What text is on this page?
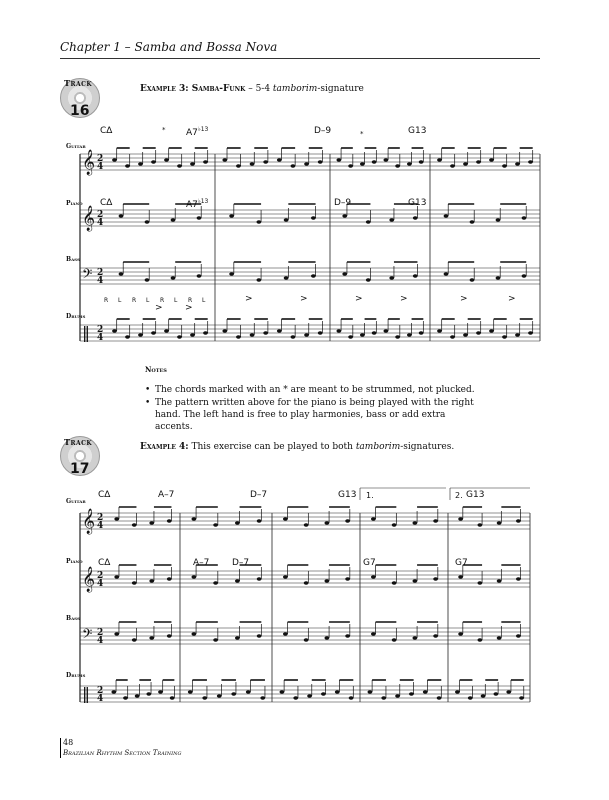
Chapter 1 – Samba and Bossa Nova
Track
16
Example 3: Samba-Funk – 5-4 tamborim-signature
Guitar
Piano
Bass
Drums
C∆	$A7^{♭13}$	D–9	G13
*	*
C∆	$A7^{♭13}$	D–9	G13
R L R L R L R L
> >
>	>	>	>	>	>
𝄞 2
4
𝄞 2
4
𝄢 2
4
‖ 2
4
𝄞 2
4
𝄞 2
4
𝄢 2
4
‖ 2
4
Notes
• The chords marked with an * are meant to be strummed, not plucked.
• The pattern written above for the piano is being played with the right hand. The left hand is free to play harmonies, bass or add extra accents.
Track
17
Example 4: This exercise can be played to both tamborim-signatures.
Guitar
Piano
Bass
Drums
C∆	A–7	D–7	G13	G13
1.	2.
C∆	A–7	D–7	G7	G7
48
Brazilian Rhythm Section Training
